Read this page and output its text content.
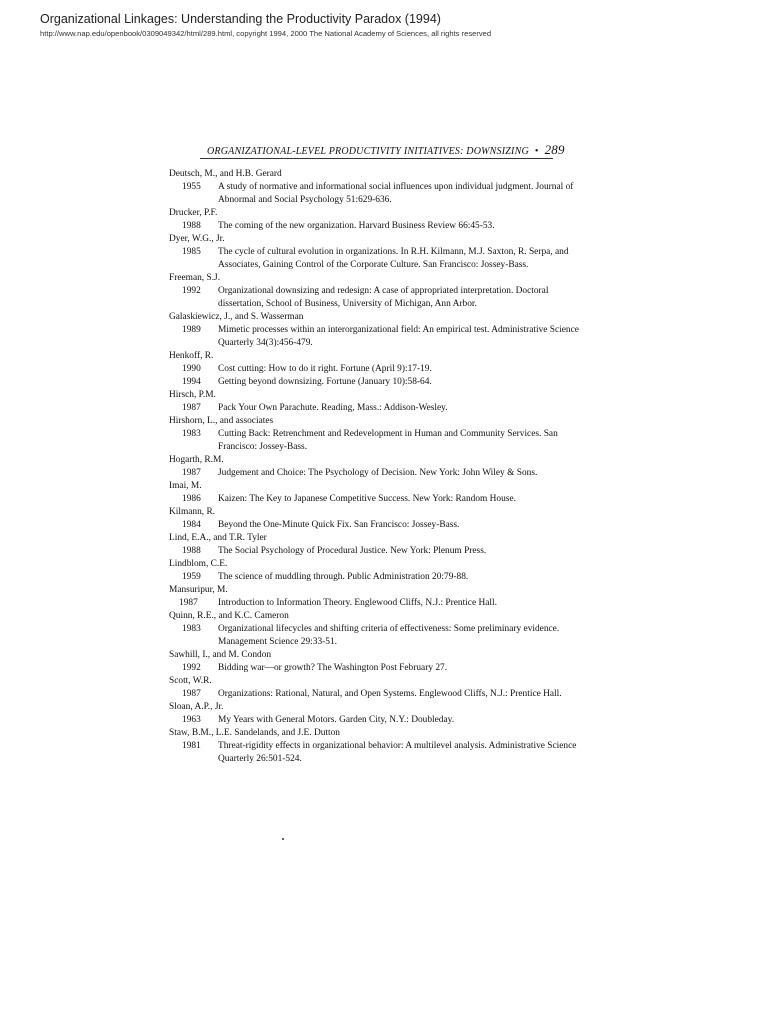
Organizational Linkages: Understanding the Productivity Paradox (1994)
http://www.nap.edu/openbook/0309049342/html/289.html, copyright 1994, 2000 The National Academy of Sciences, all rights reserved
ORGANIZATIONAL-LEVEL PRODUCTIVITY INITIATIVES: DOWNSIZING • 289
Deutsch, M., and H.B. Gerard
1955 A study of normative and informational social influences upon individual judgment. Journal of Abnormal and Social Psychology 51:629-636.
Drucker, P.F.
1988 The coming of the new organization. Harvard Business Review 66:45-53.
Dyer, W.G., Jr.
1985 The cycle of cultural evolution in organizations. In R.H. Kilmann, M.J. Saxton, R. Serpa, and Associates, Gaining Control of the Corporate Culture. San Francisco: Jossey-Bass.
Freeman, S.J.
1992 Organizational downsizing and redesign: A case of appropriated interpretation. Doctoral dissertation, School of Business, University of Michigan, Ann Arbor.
Galaskiewicz, J., and S. Wasserman
1989 Mimetic processes within an interorganizational field: An empirical test. Administrative Science Quarterly 34(3):456-479.
Henkoff, R.
1990 Cost cutting: How to do it right. Fortune (April 9):17-19.
1994 Getting beyond downsizing. Fortune (January 10):58-64.
Hirsch, P.M.
1987 Pack Your Own Parachute. Reading, Mass.: Addison-Wesley.
Hirshorn, L., and associates
1983 Cutting Back: Retrenchment and Redevelopment in Human and Community Services. San Francisco: Jossey-Bass.
Hogarth, R.M.
1987 Judgement and Choice: The Psychology of Decision. New York: John Wiley & Sons.
Imai, M.
1986 Kaizen: The Key to Japanese Competitive Success. New York: Random House.
Kilmann, R.
1984 Beyond the One-Minute Quick Fix. San Francisco: Jossey-Bass.
Lind, E.A., and T.R. Tyler
1988 The Social Psychology of Procedural Justice. New York: Plenum Press.
Lindblom, C.E.
1959 The science of muddling through. Public Administration 20:79-88.
Mansuripur, M.
1987 Introduction to Information Theory. Englewood Cliffs, N.J.: Prentice Hall.
Quinn, R.E., and K.C. Cameron
1983 Organizational lifecycles and shifting criteria of effectiveness: Some preliminary evidence. Management Science 29:33-51.
Sawhill, I., and M. Condon
1992 Bidding war—or growth? The Washington Post February 27.
Scott, W.R.
1987 Organizations: Rational, Natural, and Open Systems. Englewood Cliffs, N.J.: Prentice Hall.
Sloan, A.P., Jr.
1963 My Years with General Motors. Garden City, N.Y.: Doubleday.
Staw, B.M., L.E. Sandelands, and J.E. Dutton
1981 Threat-rigidity effects in organizational behavior: A multilevel analysis. Administrative Science Quarterly 26:501-524.
